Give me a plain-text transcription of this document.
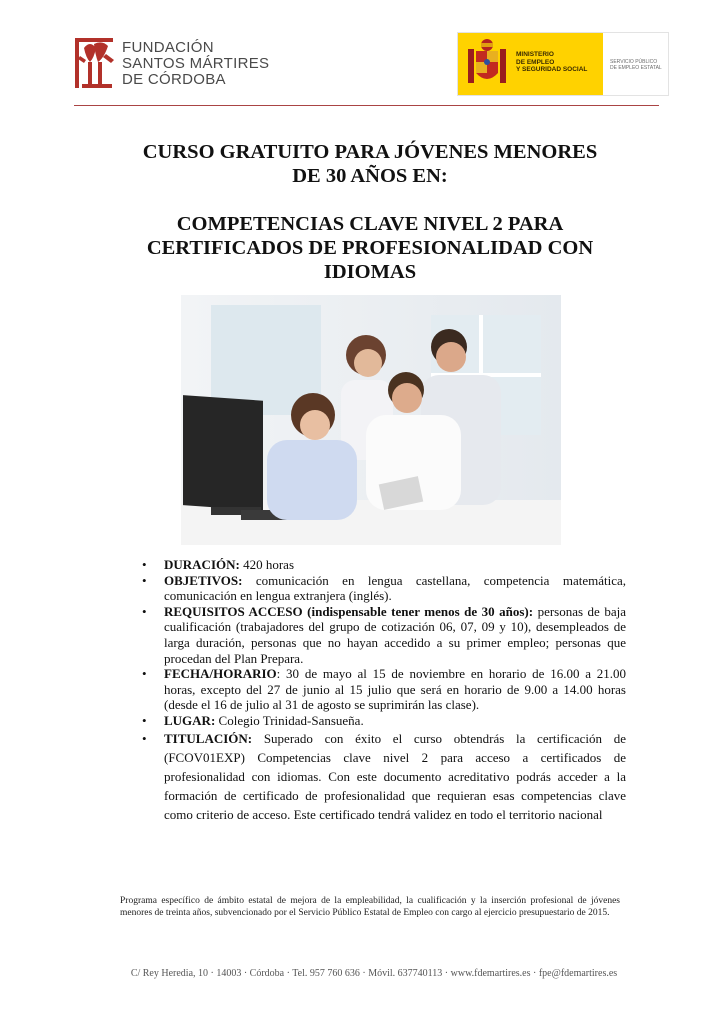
FUNDACIÓN
SANTOS MÁRTIRES
DE CÓRDOBA
MINISTERIO
DE EMPLEO
Y SEGURIDAD SOCIAL
SERVICIO PÚBLICO
DE EMPLEO ESTATAL
CURSO GRATUITO PARA JÓVENES MENORES
DE 30 AÑOS EN:
COMPETENCIAS CLAVE NIVEL 2 PARA
CERTIFICADOS DE PROFESIONALIDAD CON
IDIOMAS
• DURACIÓN: 420 horas
• OBJETIVOS: comunicación en lengua castellana, competencia matemática, comunicación en lengua extranjera (inglés).
• REQUISITOS ACCESO (indispensable tener menos de 30 años): personas de baja cualificación (trabajadores del grupo de cotización 06, 07, 09 y 10), desempleados de larga duración, personas que no hayan accedido a su primer empleo; personas que procedan del Plan Prepara.
• FECHA/HORARIO: 30 de mayo al 15 de noviembre en horario de 16.00 a 21.00 horas, excepto del 27 de junio al 15 julio que será en horario de 9.00 a 14.00 horas (desde el 16 de julio al 31 de agosto se suprimirán las clase).
• LUGAR: Colegio Trinidad-Sansueña.
• TITULACIÓN: Superado con éxito el curso obtendrás la certificación de (FCOV01EXP) Competencias clave nivel 2 para acceso a certificados de profesionalidad con idiomas. Con este documento acreditativo podrás acceder a la formación de certificado de profesionalidad que requieran esas competencias clave como criterio de acceso. Este certificado tendrá validez en todo el territorio nacional
Programa específico de ámbito estatal de mejora de la empleabilidad, la cualificación y la inserción profesional de jóvenes menores de treinta años, subvencionado por el Servicio Público Estatal de Empleo con cargo al ejercicio presupuestario de 2015.
C/ Rey Heredia, 10 · 14003 · Córdoba · Tel. 957 760 636 · Móvil. 637740113 · www.fdemartires.es · fpe@fdemartires.es
